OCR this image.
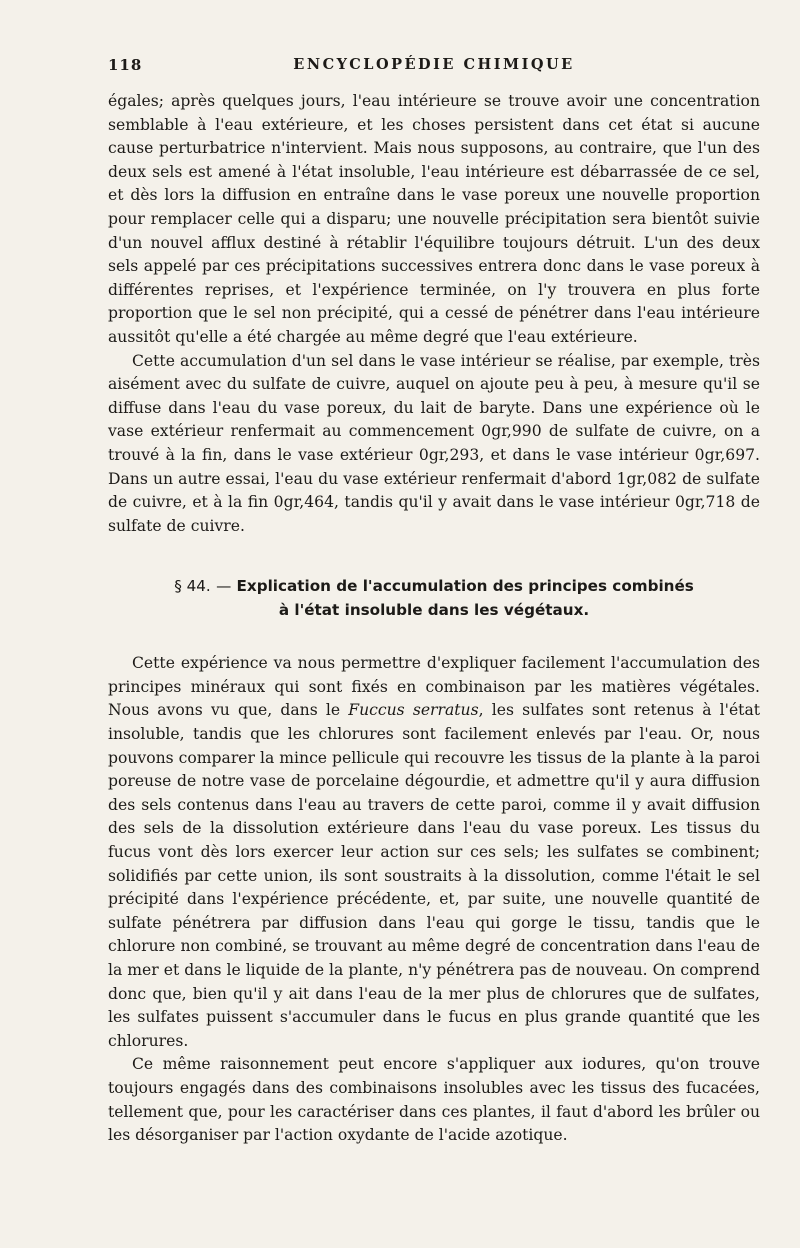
118	ENCYCLOPÉDIE CHIMIQUE

égales; après quelques jours, l'eau intérieure se trouve avoir une concentration semblable à l'eau extérieure, et les choses persistent dans cet état si aucune cause perturbatrice n'intervient. Mais nous supposons, au contraire, que l'un des deux sels est amené à l'état insoluble, l'eau intérieure est débarrassée de ce sel, et dès lors la diffusion en entraîne dans le vase poreux une nouvelle proportion pour remplacer celle qui a disparu; une nouvelle précipitation sera bientôt suivie d'un nouvel afflux destiné à rétablir l'équilibre toujours détruit. L'un des deux sels appelé par ces précipitations successives entrera donc dans le vase poreux à différentes reprises, et l'expérience terminée, on l'y trouvera en plus forte proportion que le sel non précipité, qui a cessé de pénétrer dans l'eau intérieure aussitôt qu'elle a été chargée au même degré que l'eau extérieure.

Cette accumulation d'un sel dans le vase intérieur se réalise, par exemple, très aisément avec du sulfate de cuivre, auquel on ajoute peu à peu, à mesure qu'il se diffuse dans l'eau du vase poreux, du lait de baryte. Dans une expérience où le vase extérieur renfermait au commencement 0gr,990 de sulfate de cuivre, on a trouvé à la fin, dans le vase extérieur 0gr,293, et dans le vase intérieur 0gr,697. Dans un autre essai, l'eau du vase extérieur renfermait d'abord 1gr,082 de sulfate de cuivre, et à la fin 0gr,464, tandis qu'il y avait dans le vase intérieur 0gr,718 de sulfate de cuivre.

§ 44. — Explication de l'accumulation des principes combinés
à l'état insoluble dans les végétaux.

Cette expérience va nous permettre d'expliquer facilement l'accumulation des principes minéraux qui sont fixés en combinaison par les matières végétales. Nous avons vu que, dans le Fuccus serratus, les sulfates sont retenus à l'état insoluble, tandis que les chlorures sont facilement enlevés par l'eau. Or, nous pouvons comparer la mince pellicule qui recouvre les tissus de la plante à la paroi poreuse de notre vase de porcelaine dégourdie, et admettre qu'il y aura diffusion des sels contenus dans l'eau au travers de cette paroi, comme il y avait diffusion des sels de la dissolution extérieure dans l'eau du vase poreux. Les tissus du fucus vont dès lors exercer leur action sur ces sels; les sulfates se combinent; solidifiés par cette union, ils sont soustraits à la dissolution, comme l'était le sel précipité dans l'expérience précédente, et, par suite, une nouvelle quantité de sulfate pénétrera par diffusion dans l'eau qui gorge le tissu, tandis que le chlorure non combiné, se trouvant au même degré de concentration dans l'eau de la mer et dans le liquide de la plante, n'y pénétrera pas de nouveau. On comprend donc que, bien qu'il y ait dans l'eau de la mer plus de chlorures que de sulfates, les sulfates puissent s'accumuler dans le fucus en plus grande quantité que les chlorures.

Ce même raisonnement peut encore s'appliquer aux iodures, qu'on trouve toujours engagés dans des combinaisons insolubles avec les tissus des fucacées, tellement que, pour les caractériser dans ces plantes, il faut d'abord les brûler ou les désorganiser par l'action oxydante de l'acide azotique.
